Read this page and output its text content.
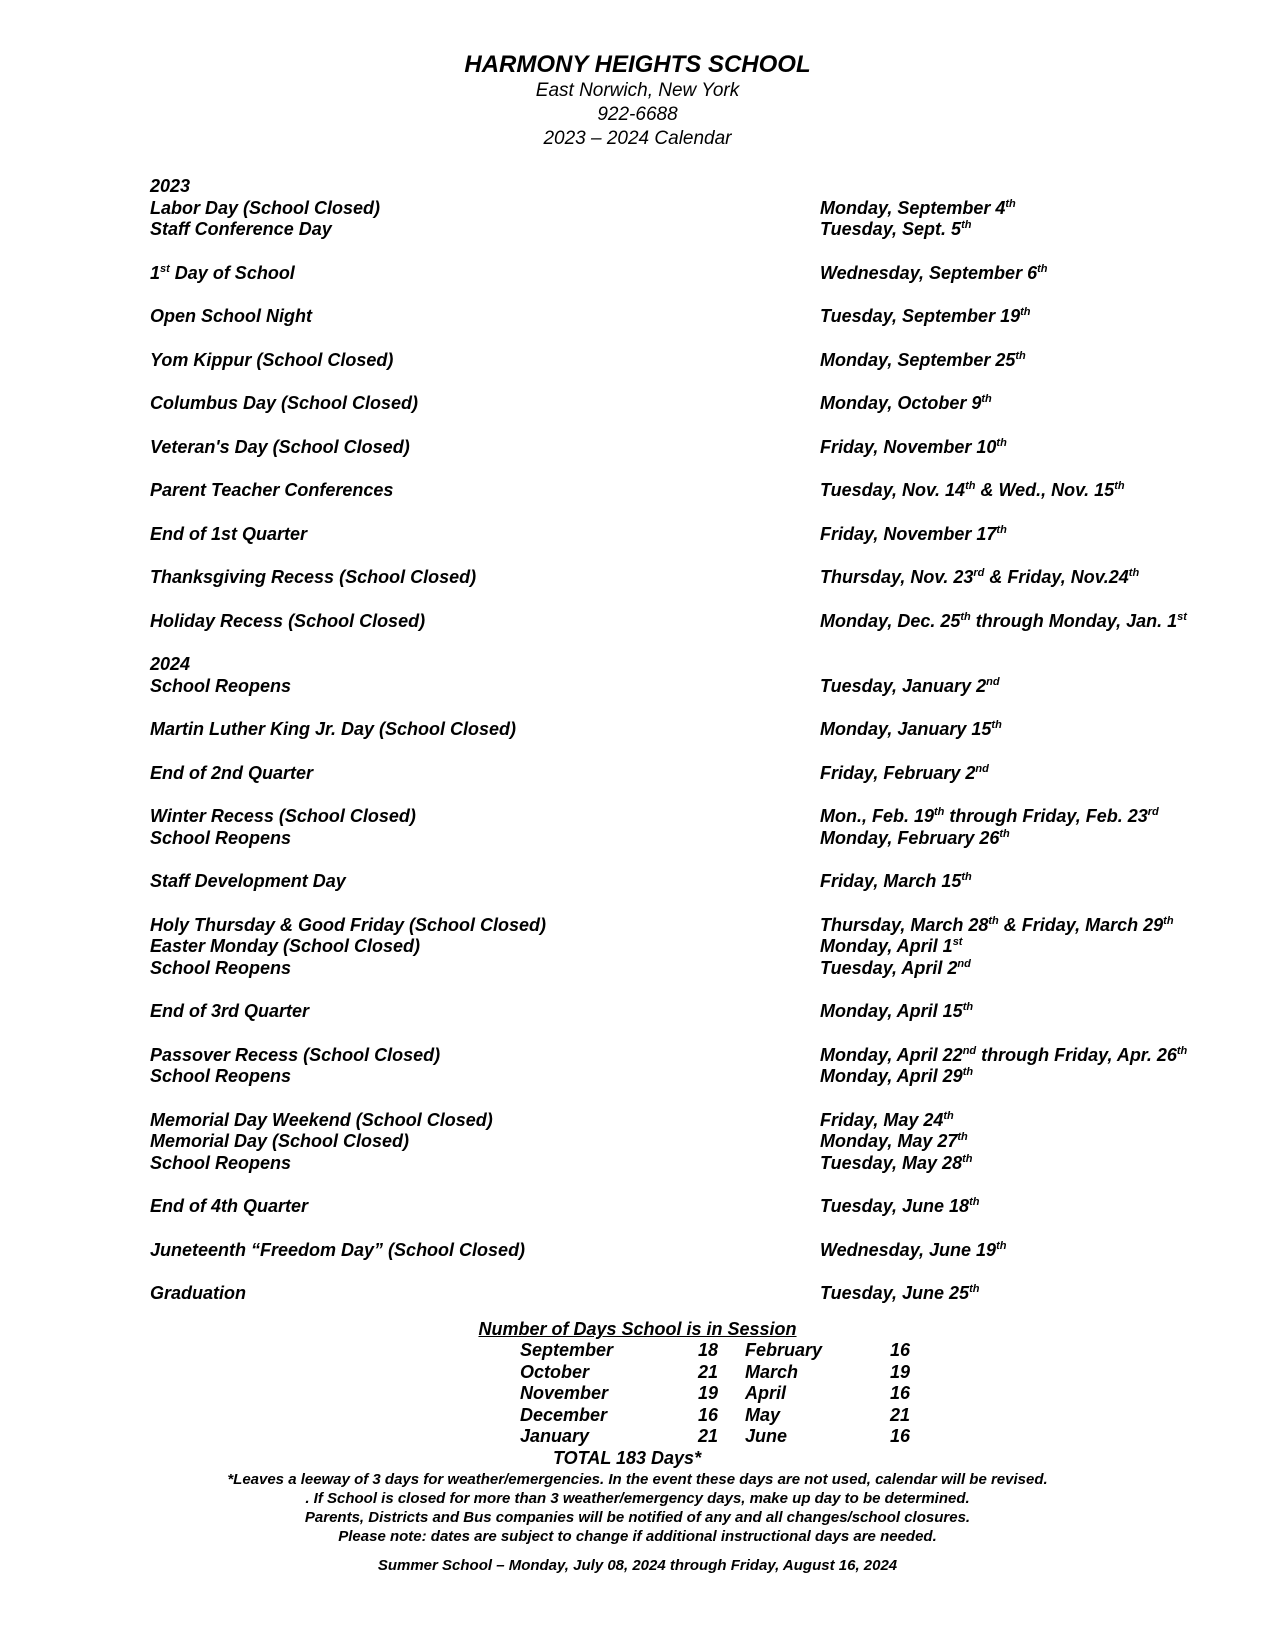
HARMONY HEIGHTS SCHOOL
East Norwich, New York
922-6688
2023 – 2024 Calendar
2023
Labor Day (School Closed)	Monday, September 4th
Staff Conference Day	Tuesday, Sept. 5th
1st Day of School	Wednesday, September 6th
Open School Night	Tuesday, September 19th
Yom Kippur (School Closed)	Monday, September 25th
Columbus Day (School Closed)	Monday, October 9th
Veteran's Day (School Closed)	Friday, November 10th
Parent Teacher Conferences	Tuesday, Nov. 14th & Wed., Nov. 15th
End of 1st Quarter	Friday, November 17th
Thanksgiving Recess (School Closed)	Thursday, Nov. 23rd & Friday, Nov.24th
Holiday Recess (School Closed)	Monday, Dec. 25th through Monday, Jan. 1st
2024
School Reopens	Tuesday, January 2nd
Martin Luther King Jr. Day (School Closed)	Monday, January 15th
End of 2nd Quarter	Friday, February 2nd
Winter Recess (School Closed)	Mon., Feb. 19th through Friday, Feb. 23rd
School Reopens	Monday, February 26th
Staff Development Day	Friday, March 15th
Holy Thursday & Good Friday (School Closed)	Thursday, March 28th & Friday, March 29th
Easter Monday (School Closed)	Monday, April 1st
School Reopens	Tuesday, April 2nd
End of 3rd Quarter	Monday, April 15th
Passover Recess (School Closed)	Monday, April 22nd through Friday, Apr. 26th
School Reopens	Monday, April 29th
Memorial Day Weekend (School Closed)	Friday, May 24th
Memorial Day (School Closed)	Monday, May 27th
School Reopens	Tuesday, May 28th
End of 4th Quarter	Tuesday, June 18th
Juneteenth “Freedom Day” (School Closed)	Wednesday, June 19th
Graduation	Tuesday, June 25th
Number of Days School is in Session
September	18 February	16
October	21 March	19
November	19 April	16
December	16 May	21
January	21 June	16
TOTAL 183 Days*
*Leaves a leeway of 3 days for weather/emergencies. In the event these days are not used, calendar will be revised.
. If School is closed for more than 3 weather/emergency days, make up day to be determined.
Parents, Districts and Bus companies will be notified of any and all changes/school closures.
Please note: dates are subject to change if additional instructional days are needed.
Summer School – Monday, July 08, 2024 through Friday, August 16, 2024
